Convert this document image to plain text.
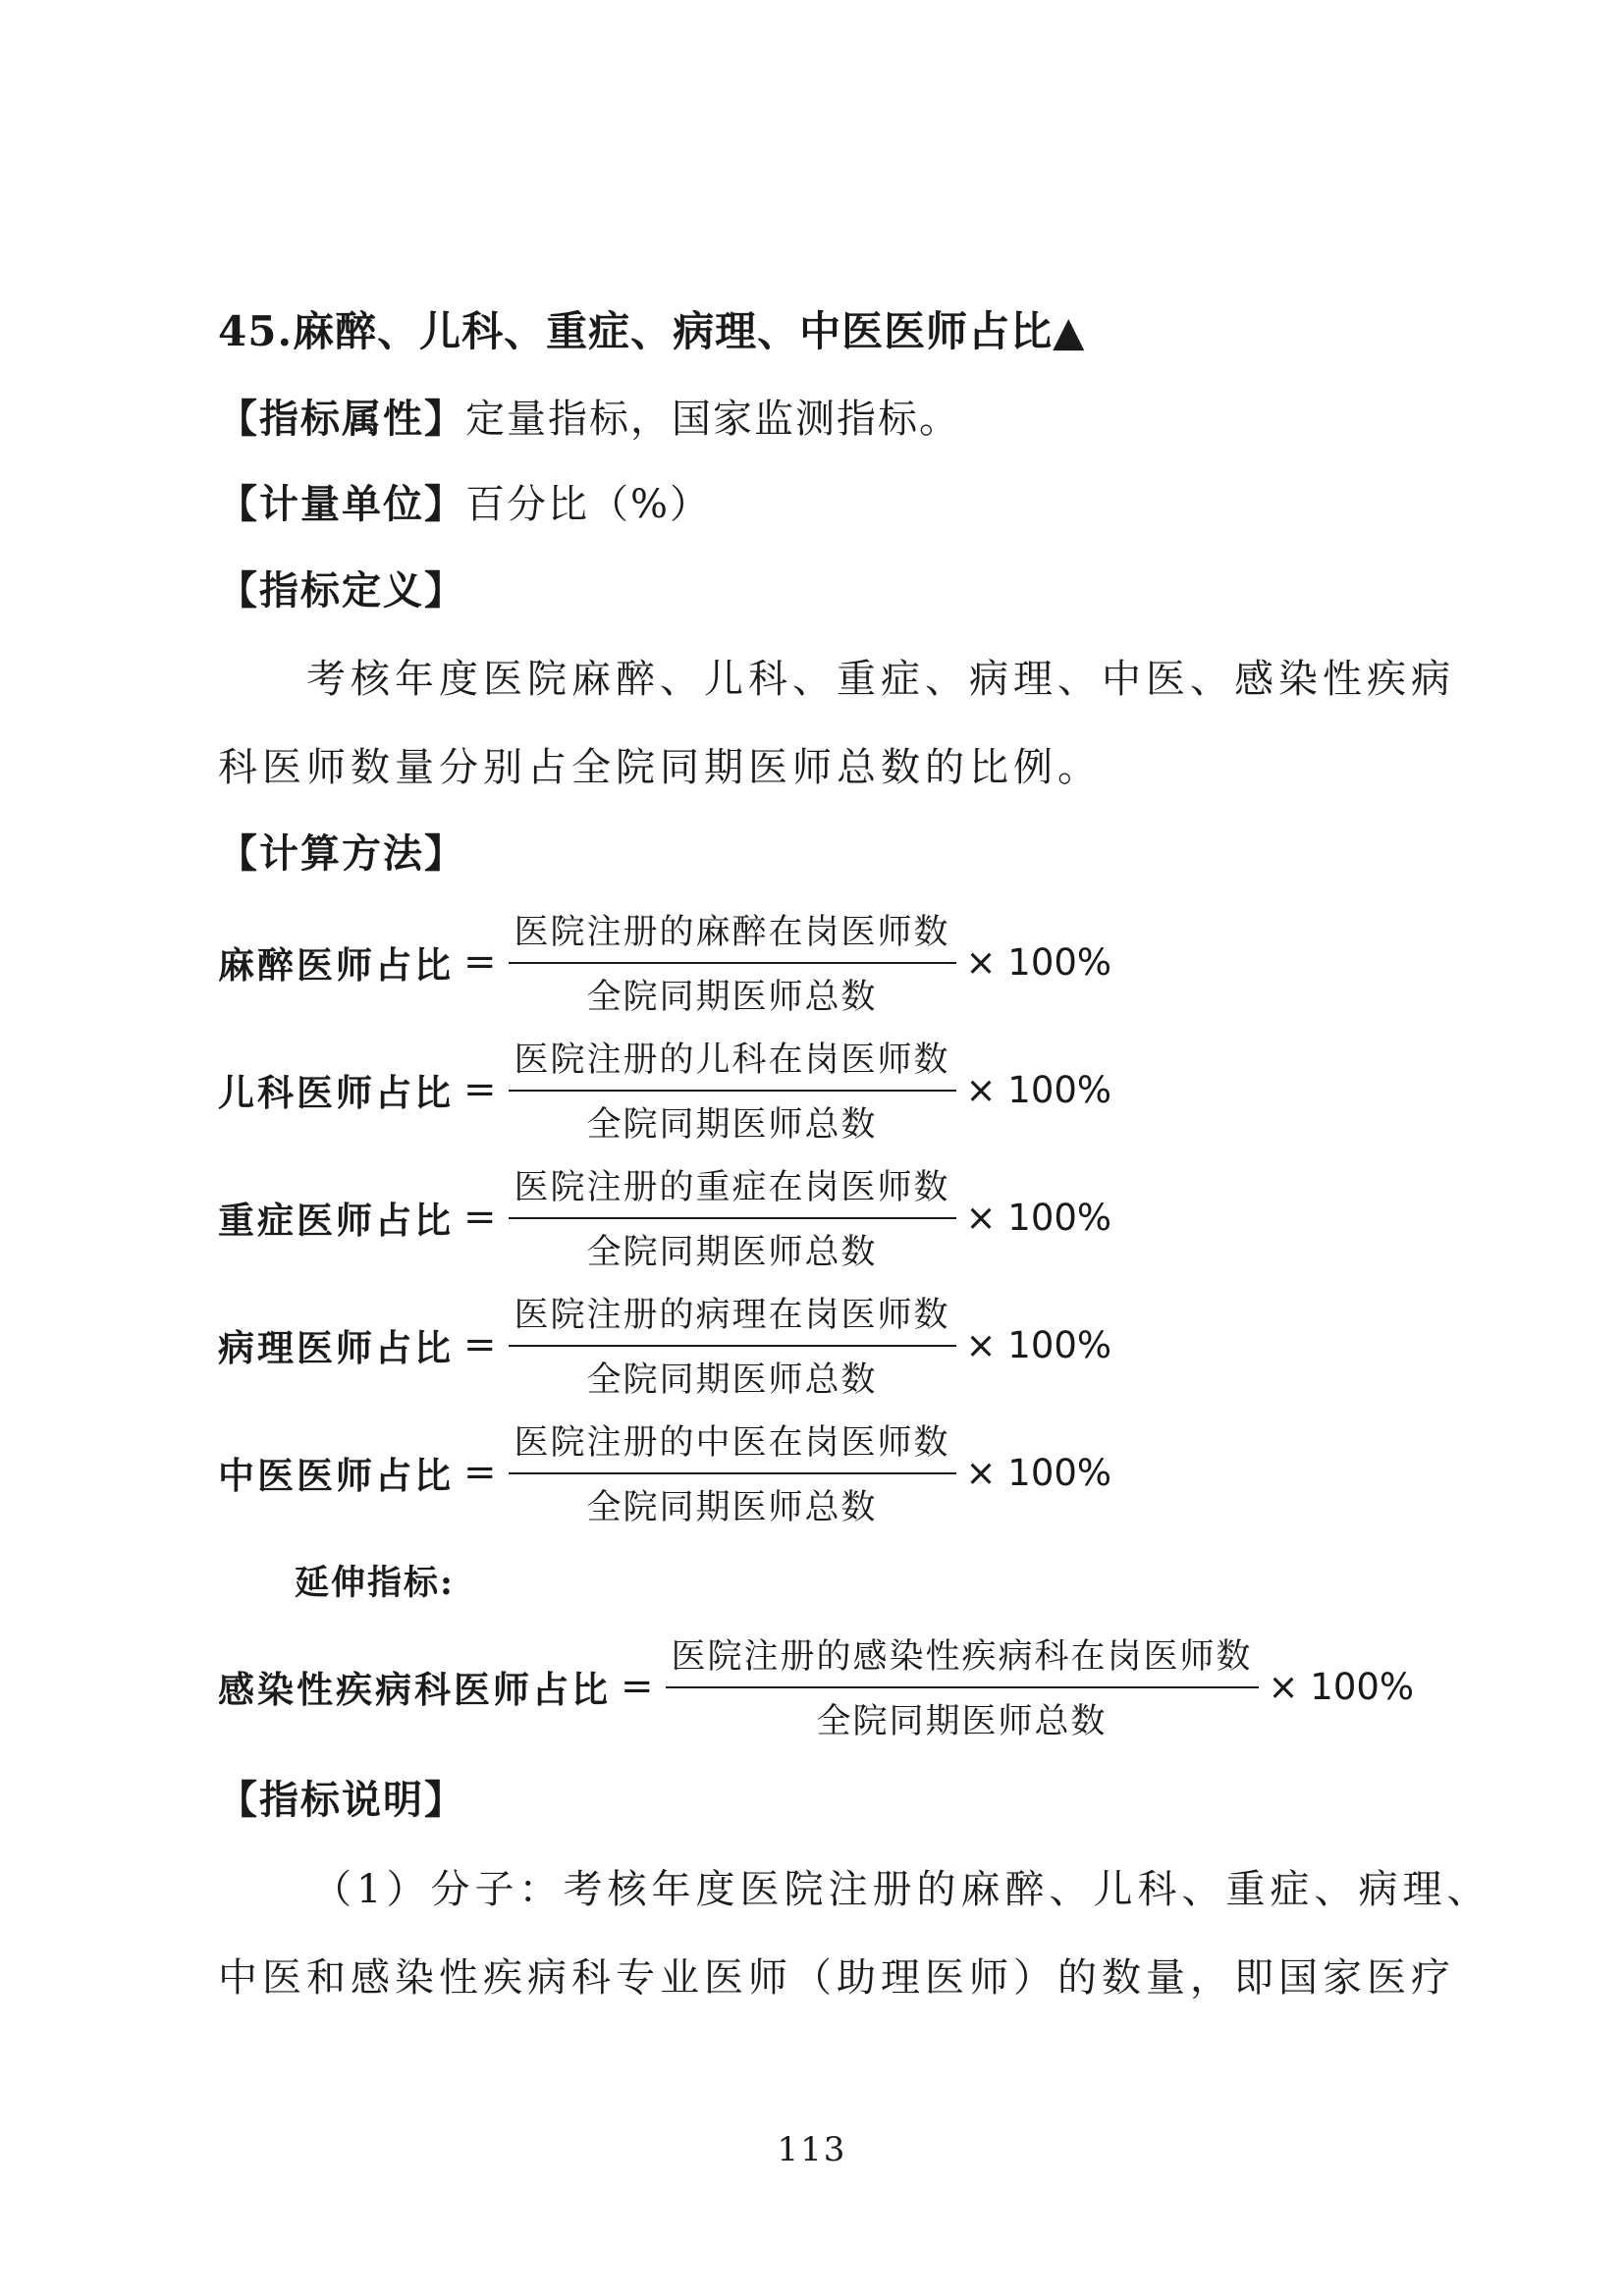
45.麻醉、儿科、重症、病理、中医医师占比▲
【指标属性】定量指标，国家监测指标。
【计量单位】百分比（%）
【指标定义】
考核年度医院麻醉、儿科、重症、病理、中医、感染性疾病
科医师数量分别占全院同期医师总数的比例。
【计算方法】
麻醉医师占比 = $\frac{\text{医院注册的麻醉在岗医师数}}{\text{全院同期医师总数}} \times 100\%$
儿科医师占比 = $\frac{\text{医院注册的儿科在岗医师数}}{\text{全院同期医师总数}} \times 100\%$
重症医师占比 = $\frac{\text{医院注册的重症在岗医师数}}{\text{全院同期医师总数}} \times 100\%$
病理医师占比 = $\frac{\text{医院注册的病理在岗医师数}}{\text{全院同期医师总数}} \times 100\%$
中医医师占比 = $\frac{\text{医院注册的中医在岗医师数}}{\text{全院同期医师总数}} \times 100\%$
延伸指标:
感染性疾病科医师占比 = $\frac{\text{医院注册的感染性疾病科在岗医师数}}{\text{全院同期医师总数}} \times 100\%$
【指标说明】
（1）分子：考核年度医院注册的麻醉、儿科、重症、病理、
中医和感染性疾病科专业医师（助理医师）的数量，即国家医疗
113
